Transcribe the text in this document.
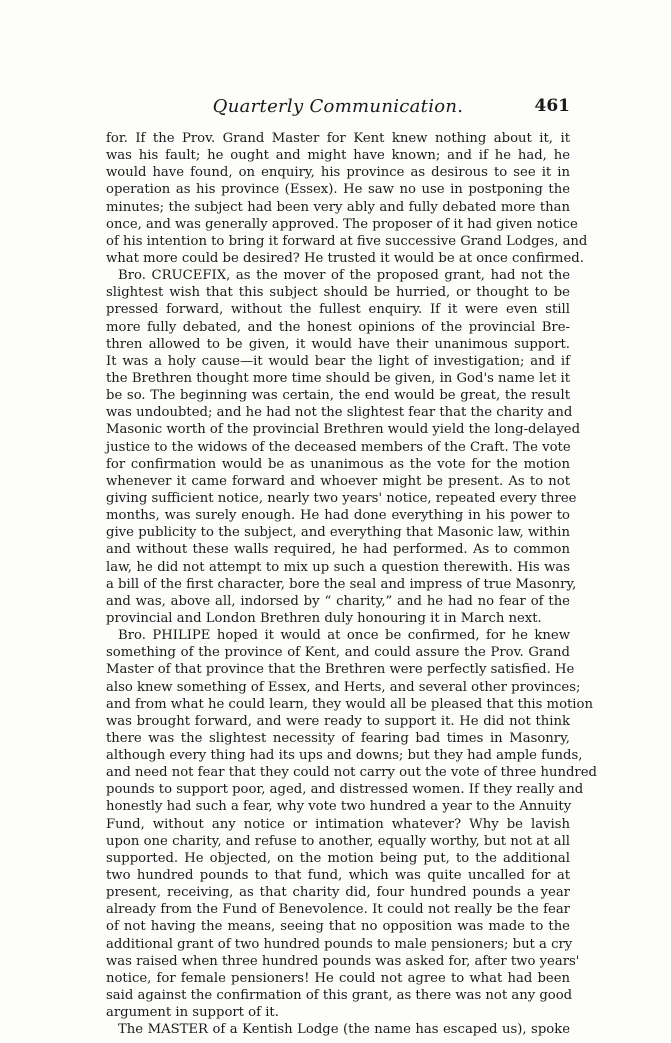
Quarterly Communication.	461
for. If the Prov. Grand Master for Kent knew nothing about it, it
was his fault; he ought and might have known; and if he had, he
would have found, on enquiry, his province as desirous to see it in
operation as his province (Essex). He saw no use in postponing the
minutes; the subject had been very ably and fully debated more than
once, and was generally approved. The proposer of it had given notice
of his intention to bring it forward at five successive Grand Lodges, and
what more could be desired? He trusted it would be at once confirmed.
Bro. CRUCEFIX, as the mover of the proposed grant, had not the
slightest wish that this subject should be hurried, or thought to be
pressed forward, without the fullest enquiry. If it were even still
more fully debated, and the honest opinions of the provincial Bre-
thren allowed to be given, it would have their unanimous support.
It was a holy cause—it would bear the light of investigation; and if
the Brethren thought more time should be given, in God's name let it
be so. The beginning was certain, the end would be great, the result
was undoubted; and he had not the slightest fear that the charity and
Masonic worth of the provincial Brethren would yield the long-delayed
justice to the widows of the deceased members of the Craft. The vote
for confirmation would be as unanimous as the vote for the motion
whenever it came forward and whoever might be present. As to not
giving sufficient notice, nearly two years' notice, repeated every three
months, was surely enough. He had done everything in his power to
give publicity to the subject, and everything that Masonic law, within
and without these walls required, he had performed. As to common
law, he did not attempt to mix up such a question therewith. His was
a bill of the first character, bore the seal and impress of true Masonry,
and was, above all, indorsed by “ charity,” and he had no fear of the
provincial and London Brethren duly honouring it in March next.
Bro. PHILIPE hoped it would at once be confirmed, for he knew
something of the province of Kent, and could assure the Prov. Grand
Master of that province that the Brethren were perfectly satisfied. He
also knew something of Essex, and Herts, and several other provinces;
and from what he could learn, they would all be pleased that this motion
was brought forward, and were ready to support it. He did not think
there was the slightest necessity of fearing bad times in Masonry,
although every thing had its ups and downs; but they had ample funds,
and need not fear that they could not carry out the vote of three hundred
pounds to support poor, aged, and distressed women. If they really and
honestly had such a fear, why vote two hundred a year to the Annuity
Fund, without any notice or intimation whatever? Why be lavish
upon one charity, and refuse to another, equally worthy, but not at all
supported. He objected, on the motion being put, to the additional
two hundred pounds to that fund, which was quite uncalled for at
present, receiving, as that charity did, four hundred pounds a year
already from the Fund of Benevolence. It could not really be the fear
of not having the means, seeing that no opposition was made to the
additional grant of two hundred pounds to male pensioners; but a cry
was raised when three hundred pounds was asked for, after two years'
notice, for female pensioners! He could not agree to what had been
said against the confirmation of this grant, as there was not any good
argument in support of it.
The MASTER of a Kentish Lodge (the name has escaped us), spoke
